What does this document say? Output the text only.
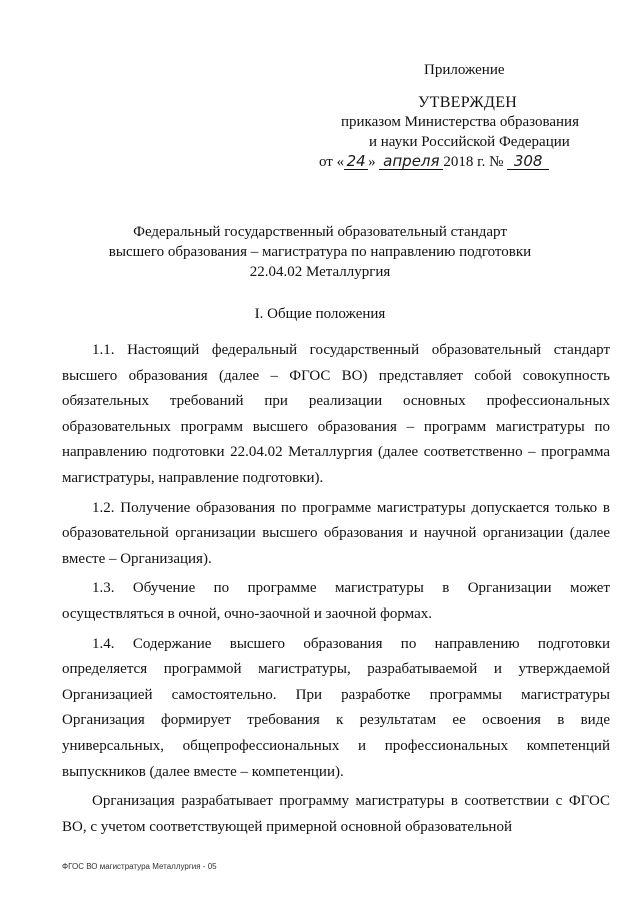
Приложение
УТВЕРЖДЕН
приказом Министерства образования
и науки Российской Федерации
от « 24 » апреля 2018 г. № 308
Федеральный государственный образовательный стандарт
высшего образования – магистратура по направлению подготовки
22.04.02 Металлургия
I. Общие положения

1.1. Настоящий федеральный государственный образовательный стандарт высшего образования (далее – ФГОС ВО) представляет собой совокупность обязательных требований при реализации основных профессиональных образовательных программ высшего образования – программ магистратуры по направлению подготовки 22.04.02 Металлургия (далее соответственно – программа магистратуры, направление подготовки).

1.2. Получение образования по программе магистратуры допускается только в образовательной организации высшего образования и научной организации (далее вместе – Организация).

1.3. Обучение по программе магистратуры в Организации может осуществляться в очной, очно-заочной и заочной формах.

1.4. Содержание высшего образования по направлению подготовки определяется программой магистратуры, разрабатываемой и утверждаемой Организацией самостоятельно. При разработке программы магистратуры Организация формирует требования к результатам ее освоения в виде универсальных, общепрофессиональных и профессиональных компетенций выпускников (далее вместе – компетенции).

Организация разрабатывает программу магистратуры в соответствии с ФГОС ВО, с учетом соответствующей примерной основной образовательной

ФГОС ВО магистратура Металлургия - 05
